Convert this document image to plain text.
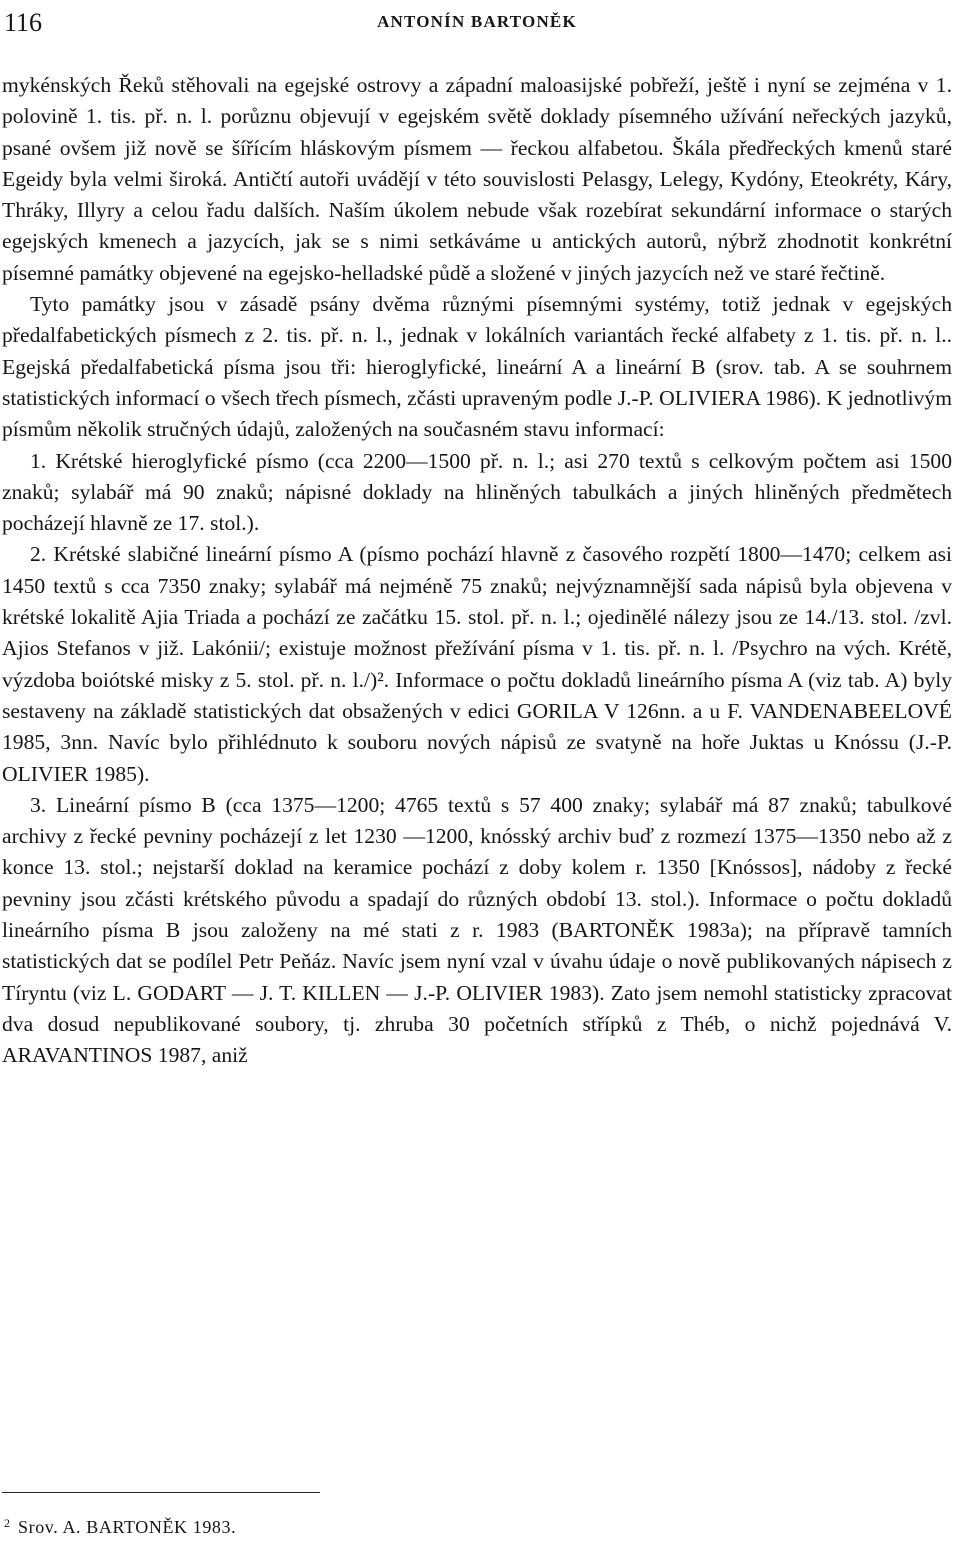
116	ANTONÍN BARTONĚK

mykénských Řeků stěhovali na egejské ostrovy a západní maloasijské pobřeží, ještě i nyní se zejména v 1. polovině 1. tis. př. n. l. porůznu objevují v egejském světě doklady písemného užívání neřeckých jazyků, psané ovšem již nově se šířícím hláskovým písmem — řeckou alfabetou. Škála předřeckých kmenů staré Egeidy byla velmi široká. Antičtí autoři uvádějí v této souvislosti Pelasgy, Lelegy, Kydóny, Eteokréty, Káry, Thráky, Illyry a celou řadu dalších. Naším úkolem nebude však rozebírat sekundární informace o starých egejských kmenech a jazycích, jak se s nimi setkáváme u antických autorů, nýbrž zhodnotit konkrétní písemné památky objevené na egejsko-helladské půdě a složené v jiných jazycích než ve staré řečtině.

Tyto památky jsou v zásadě psány dvěma různými písemnými systémy, totiž jednak v egejských předalfabetických písmech z 2. tis. př. n. l., jednak v lokálních variantách řecké alfabety z 1. tis. př. n. l.. Egejská předalfabetická písma jsou tři: hieroglyfické, lineární A a lineární B (srov. tab. A se souhrnem statistických informací o všech třech písmech, zčásti upraveným podle J.-P. OLIVIERA 1986). K jednotlivým písmům několik stručných údajů, založených na současném stavu informací:

1. Krétské hieroglyfické písmo (cca 2200—1500 př. n. l.; asi 270 textů s celkovým počtem asi 1500 znaků; sylabář má 90 znaků; nápisné doklady na hliněných tabulkách a jiných hliněných předmětech pocházejí hlavně ze 17. stol.).

2. Krétské slabičné lineární písmo A (písmo pochází hlavně z časového rozpětí 1800—1470; celkem asi 1450 textů s cca 7350 znaky; sylabář má nejméně 75 znaků; nejvýznamnější sada nápisů byla objevena v krétské lokalitě Ajia Triada a pochází ze začátku 15. stol. př. n. l.; ojedinělé nálezy jsou ze 14./13. stol. /zvl. Ajios Stefanos v již. Lakónii/; existuje možnost přežívání písma v 1. tis. př. n. l. /Psychro na vých. Krétě, výzdoba boiótské misky z 5. stol. př. n. l./)². Informace o počtu dokladů lineárního písma A (viz tab. A) byly sestaveny na základě statistických dat obsažených v edici GORILA V 126nn. a u F. VANDENABEELOVÉ 1985, 3nn. Navíc bylo přihlédnuto k souboru nových nápisů ze svatyně na hoře Juktas u Knóssu (J.-P. OLIVIER 1985).

3. Lineární písmo B (cca 1375—1200; 4765 textů s 57 400 znaky; sylabář má 87 znaků; tabulkové archivy z řecké pevniny pocházejí z let 1230 —1200, knósský archiv buď z rozmezí 1375—1350 nebo až z konce 13. stol.; nejstarší doklad na keramice pochází z doby kolem r. 1350 [Knóssos], nádoby z řecké pevniny jsou zčásti krétského původu a spadají do různých období 13. stol.). Informace o počtu dokladů lineárního písma B jsou založeny na mé stati z r. 1983 (BARTONĚK 1983a); na přípravě tamních statistických dat se podílel Petr Peňáz. Navíc jsem nyní vzal v úvahu údaje o nově publikovaných nápisech z Tíryntu (viz L. GODART — J. T. KILLEN — J.-P. OLIVIER 1983). Zato jsem nemohl statisticky zpracovat dva dosud nepublikované soubory, tj. zhruba 30 početních střípků z Théb, o nichž pojednává V. ARAVANTINOS 1987, aniž

$^2$ Srov. A. BARTONĚK 1983.
